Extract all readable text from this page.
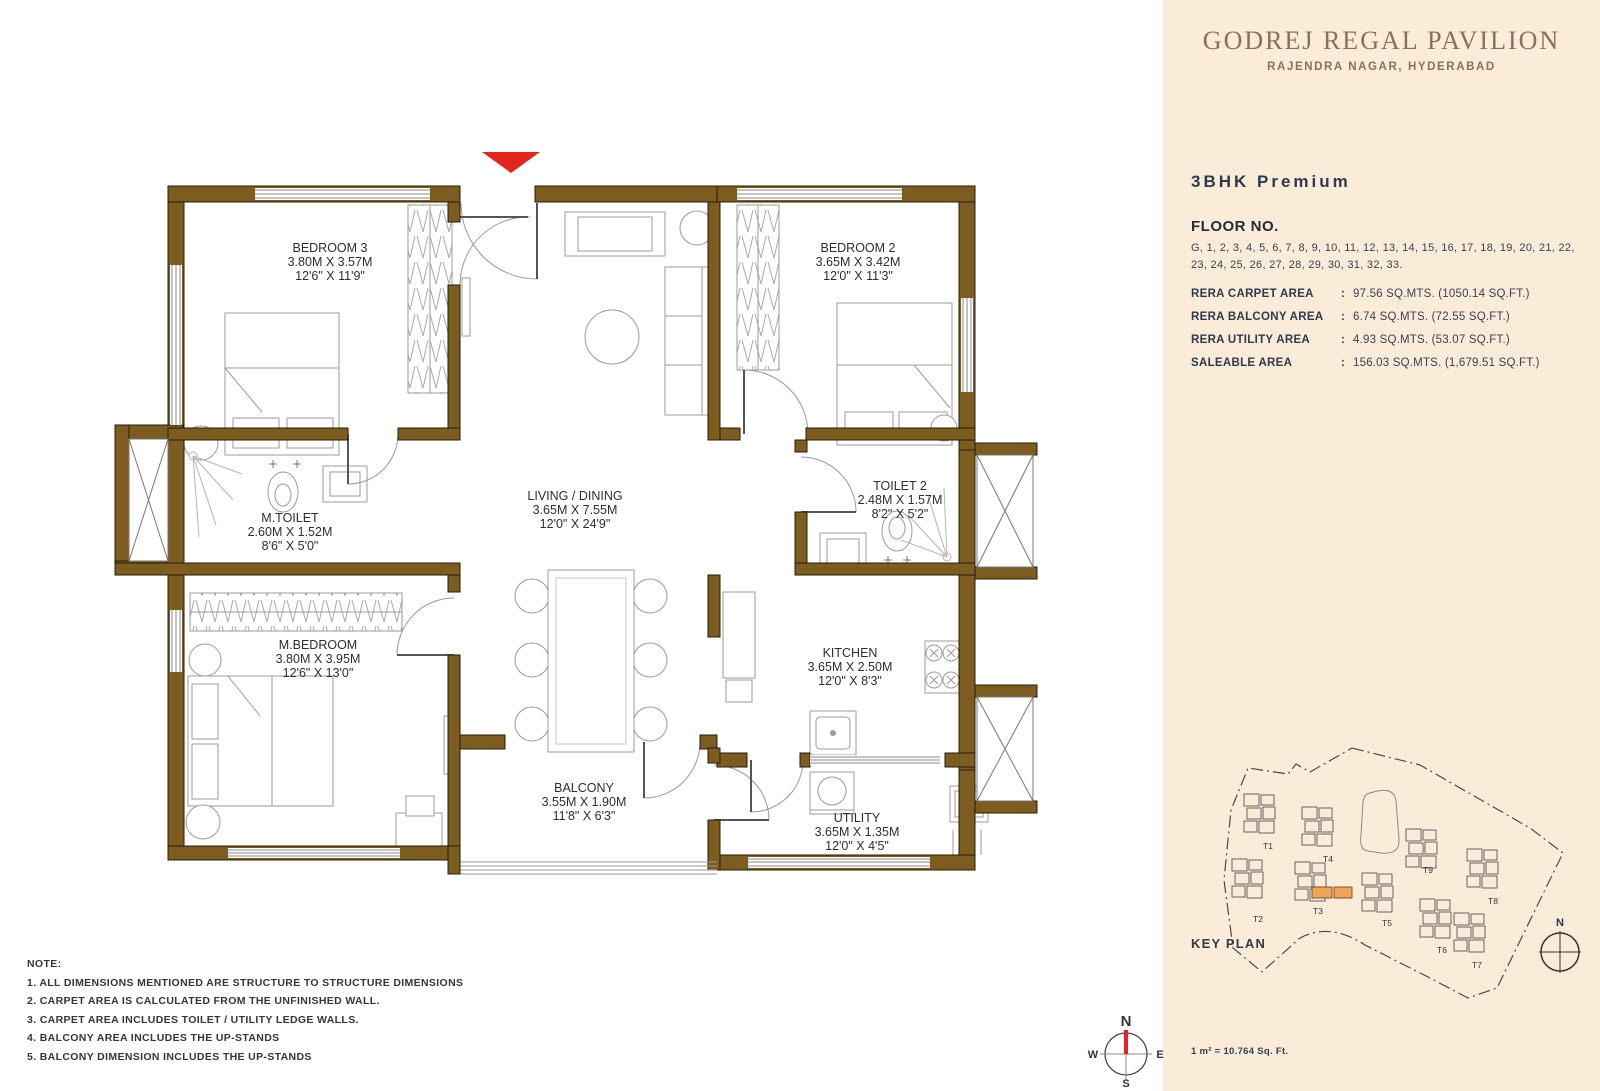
BEDROOM 3
3.80M X 3.57M
12'6" X 11'9"
BEDROOM 2
3.65M X 3.42M
12'0" X 11'3"
LIVING / DINING
3.65M X 7.55M
12'0" X 24'9"
M.TOILET
2.60M X 1.52M
8'6" X 5'0"
TOILET 2
2.48M X 1.57M
8'2" X 5'2"
M.BEDROOM
3.80M X 3.95M
12'6" X 13'0"
KITCHEN
3.65M X 2.50M
12'0" X 8'3"
BALCONY
3.55M X 1.90M
11'8" X 6'3"	UTILITY
3.65M X 1.35M
12'0" X 4'5"
GODREJ REGAL PAVILION
RAJENDRA NAGAR, HYDERABAD
3BHK Premium
FLOOR NO.
G, 1, 2, 3, 4, 5, 6, 7, 8, 9, 10, 11, 12, 13, 14, 15, 16, 17, 18, 19, 20, 21, 22, 23, 24, 25, 26, 27, 28, 29, 30, 31, 32, 33.
RERA CARPET AREA	: 97.56 SQ.MTS. (1050.14 SQ.FT.)
RERA BALCONY AREA	: 6.74 SQ.MTS. (72.55 SQ.FT.)
RERA UTILITY AREA	: 4.93 SQ.MTS. (53.07 SQ.FT.)
SALEABLE AREA	: 156.03 SQ.MTS. (1,679.51 SQ.FT.)
T1
T2
T3
T4
T5
T6
T7
T8
T9
N
KEY PLAN
1 m² = 10.764 Sq. Ft.
NOTE:
1. ALL DIMENSIONS MENTIONED ARE STRUCTURE TO STRUCTURE DIMENSIONS
2. CARPET AREA IS CALCULATED FROM THE UNFINISHED WALL.
3. CARPET AREA INCLUDES TOILET / UTILITY LEDGE WALLS.
4. BALCONY AREA INCLUDES THE UP-STANDS
5. BALCONY DIMENSION INCLUDES THE UP-STANDS
N
W	E
S
